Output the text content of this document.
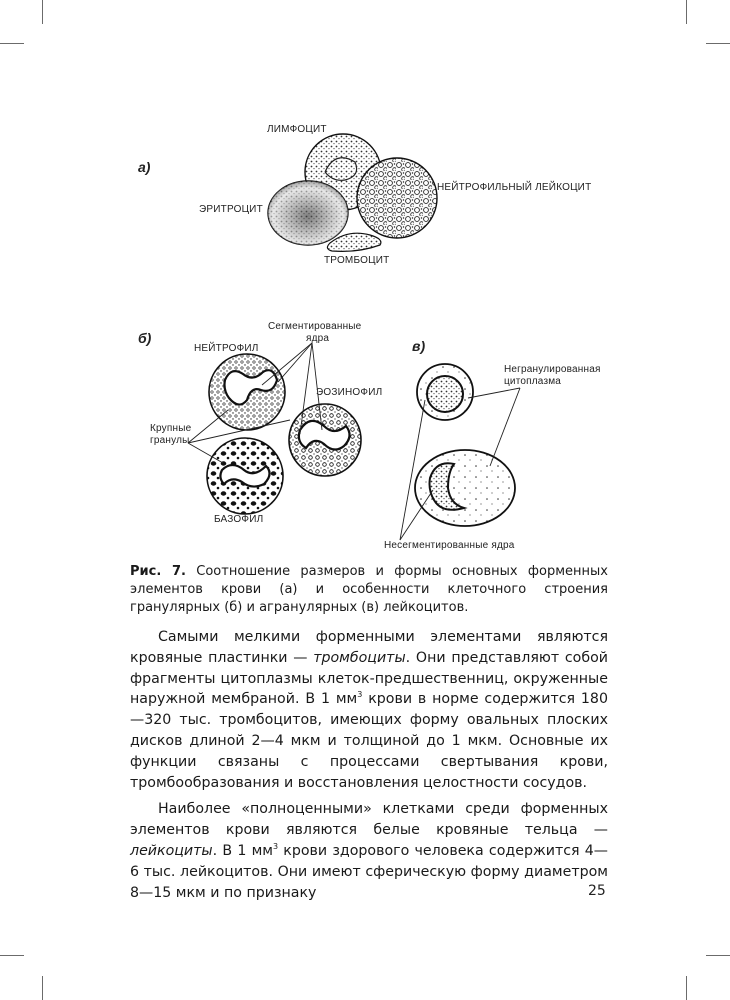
а)
б)	в)
ЛИМФОЦИТ
НЕЙТРОФИЛЬНЫЙ ЛЕЙКОЦИТ
ЭРИТРОЦИТ
ТРОМБОЦИТ
Сегментированные
ядра
НЕЙТРОФИЛ
ЭОЗИНОФИЛ
Крупные
гранулы
БАЗОФИЛ
Негранулированная
цитоплазма
Несегментированные ядра
Рис. 7. Соотношение размеров и формы основных форменных элементов крови (а) и особенности клеточного строения гранулярных (б) и агранулярных (в) лейкоцитов.

Самыми мелкими форменными элементами являются кровяные пластинки — тромбоциты. Они представляют собой фрагменты цитоплазмы клеток-предшественниц, окруженные наружной мембраной. В 1 $мм^3$ крови в норме содержится 180—320 тыс. тромбоцитов, имеющих форму овальных плоских дисков длиной 2—4 мкм и толщиной до 1 мкм. Основные их функции связаны с процессами свертывания крови, тромбообразования и восстановления целостности сосудов.

Наиболее «полноценными» клетками среди форменных элементов крови являются белые кровяные тельца — лейкоциты. В 1 $мм^3$ крови здорового человека содержится 4—6 тыс. лейкоцитов. Они имеют сферическую форму диаметром 8—15 мкм и по признаку	25
